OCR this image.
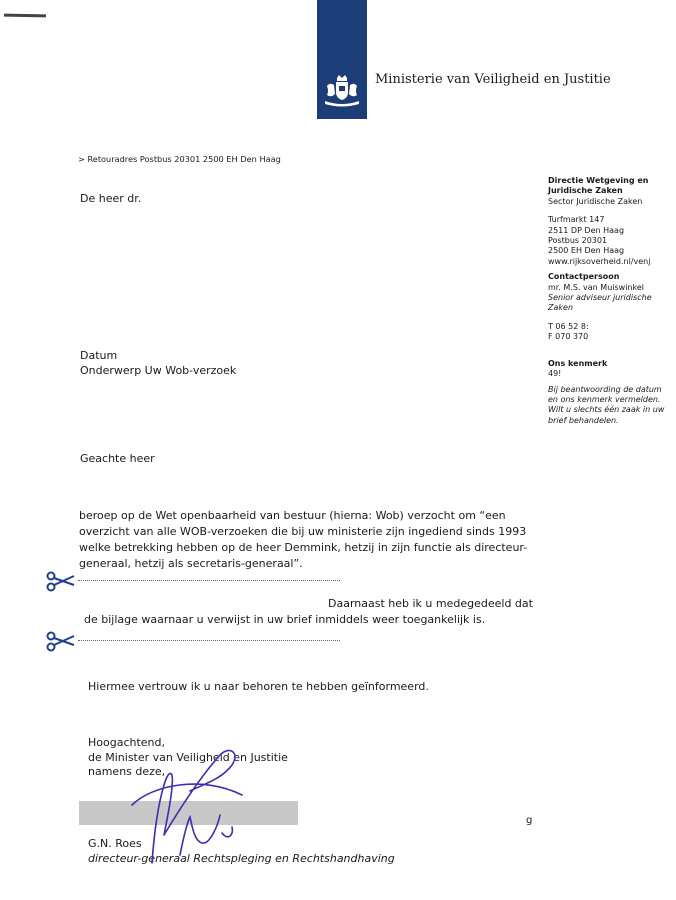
Ministerie van Veiligheid en Justitie
> Retouradres Postbus 20301 2500 EH Den Haag
De heer dr.
Directie Wetgeving en
Juridische Zaken
Sector Juridische Zaken
Turfmarkt 147
2511 DP Den Haag
Postbus 20301
2500 EH Den Haag
www.rijksoverheid.nl/venj
Contactpersoon
mr. M.S. van Muiswinkel
Senior adviseur juridische
Zaken
T 06 52 8:
F 070 370
Ons kenmerk
49!
Bij beantwoording de datum
en ons kenmerk vermelden.
Wilt u slechts één zaak in uw
brief behandelen.
Datum
Onderwerp Uw Wob-verzoek
Geachte heer
beroep op de Wet openbaarheid van bestuur (hierna: Wob) verzocht om “een
overzicht van alle WOB-verzoeken die bij uw ministerie zijn ingediend sinds 1993
welke betrekking hebben op de heer Demmink, hetzij in zijn functie als directeur-
generaal, hetzij als secretaris-generaal”.
Daarnaast heb ik u medegedeeld dat
de bijlage waarnaar u verwijst in uw brief inmiddels weer toegankelijk is.
Hiermee vertrouw ik u naar behoren te hebben geïnformeerd.
Hoogachtend,
de Minister van Veiligheid en Justitie
namens deze,
g
G.N. Roes
directeur-generaal Rechtspleging en Rechtshandhaving
